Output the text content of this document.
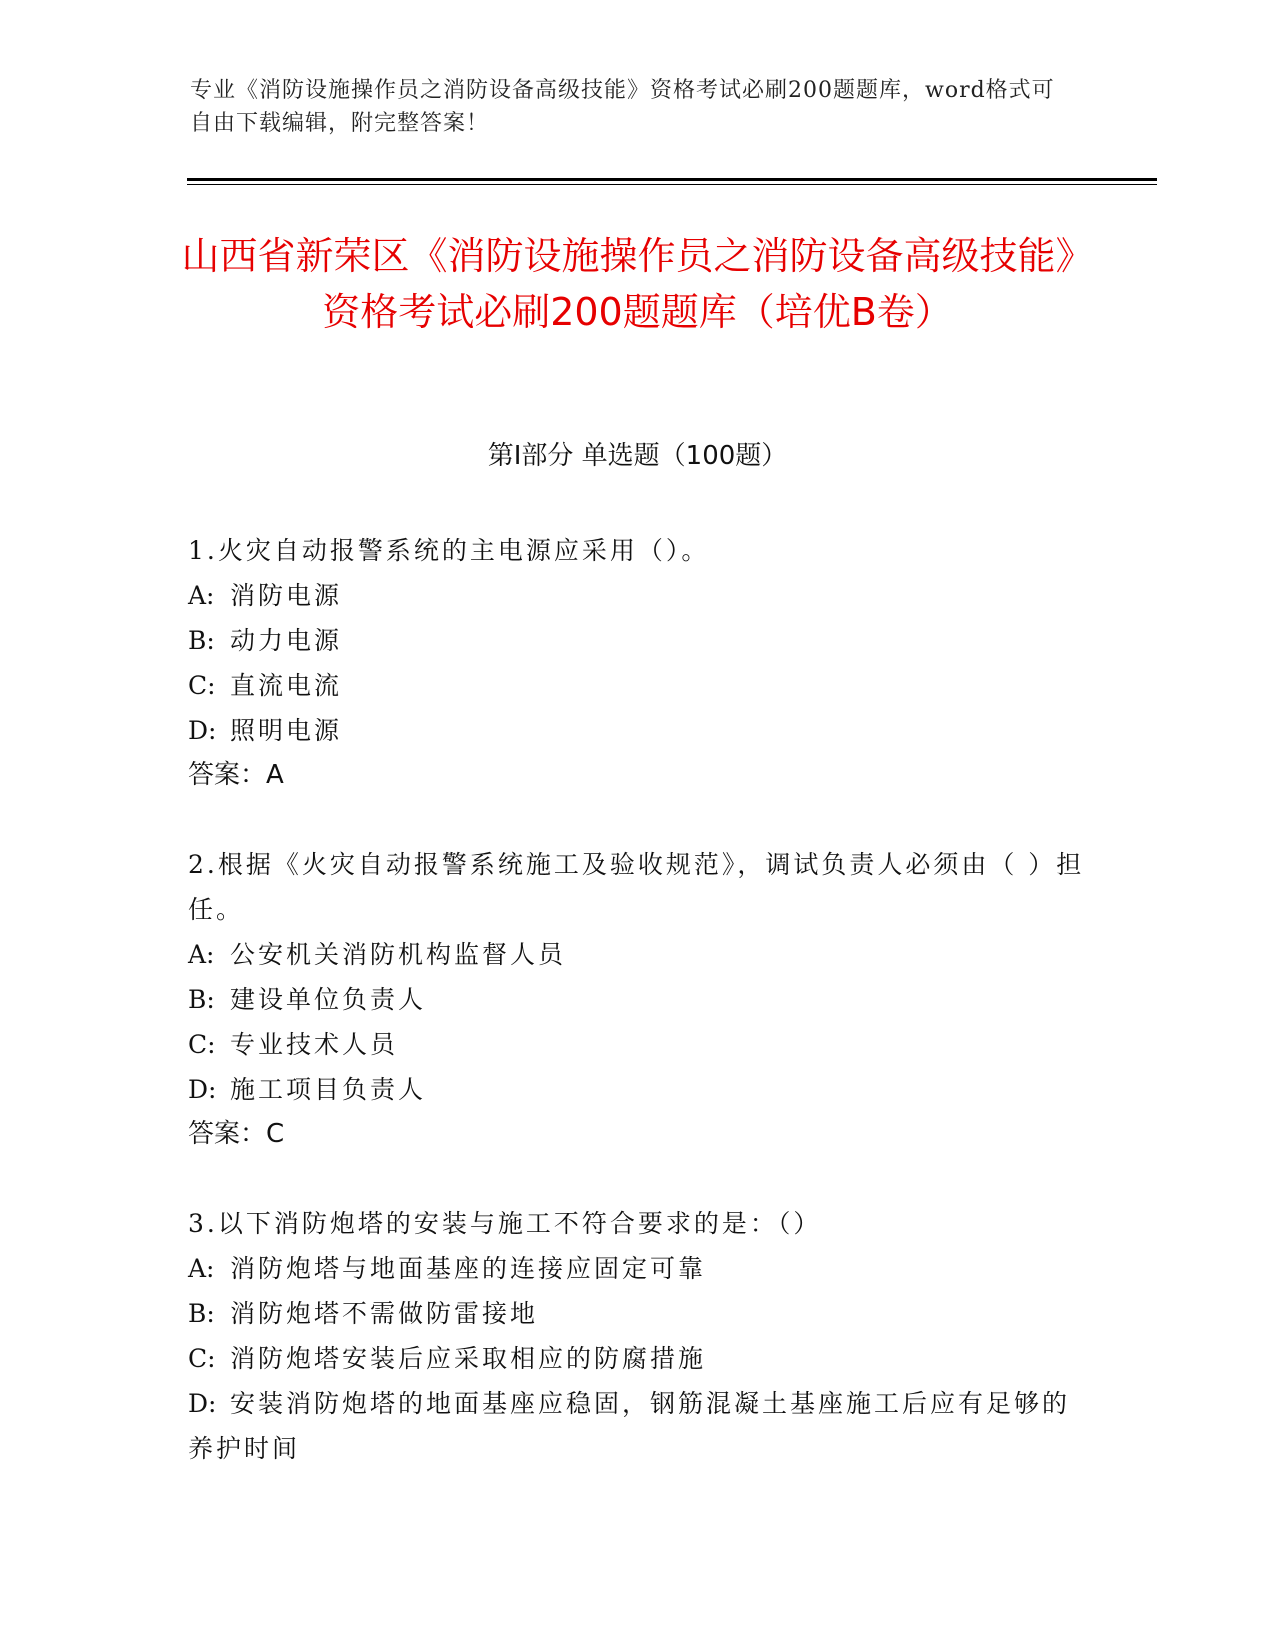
专业《消防设施操作员之消防设备高级技能》资格考试必刷200题题库，word格式可自由下载编辑，附完整答案！
山西省新荣区《消防设施操作员之消防设备高级技能》资格考试必刷200题题库（培优B卷）
第I部分 单选题（100题）
1.火灾自动报警系统的主电源应采用（）。
A: 消防电源
B: 动力电源
C: 直流电流
D: 照明电源
答案：A
2.根据《火灾自动报警系统施工及验收规范》，调试负责人必须由（ ）担任。
A: 公安机关消防机构监督人员
B: 建设单位负责人
C: 专业技术人员
D: 施工项目负责人
答案：C
3.以下消防炮塔的安装与施工不符合要求的是：（）
A: 消防炮塔与地面基座的连接应固定可靠
B: 消防炮塔不需做防雷接地
C: 消防炮塔安装后应采取相应的防腐措施
D: 安装消防炮塔的地面基座应稳固，钢筋混凝土基座施工后应有足够的养护时间
